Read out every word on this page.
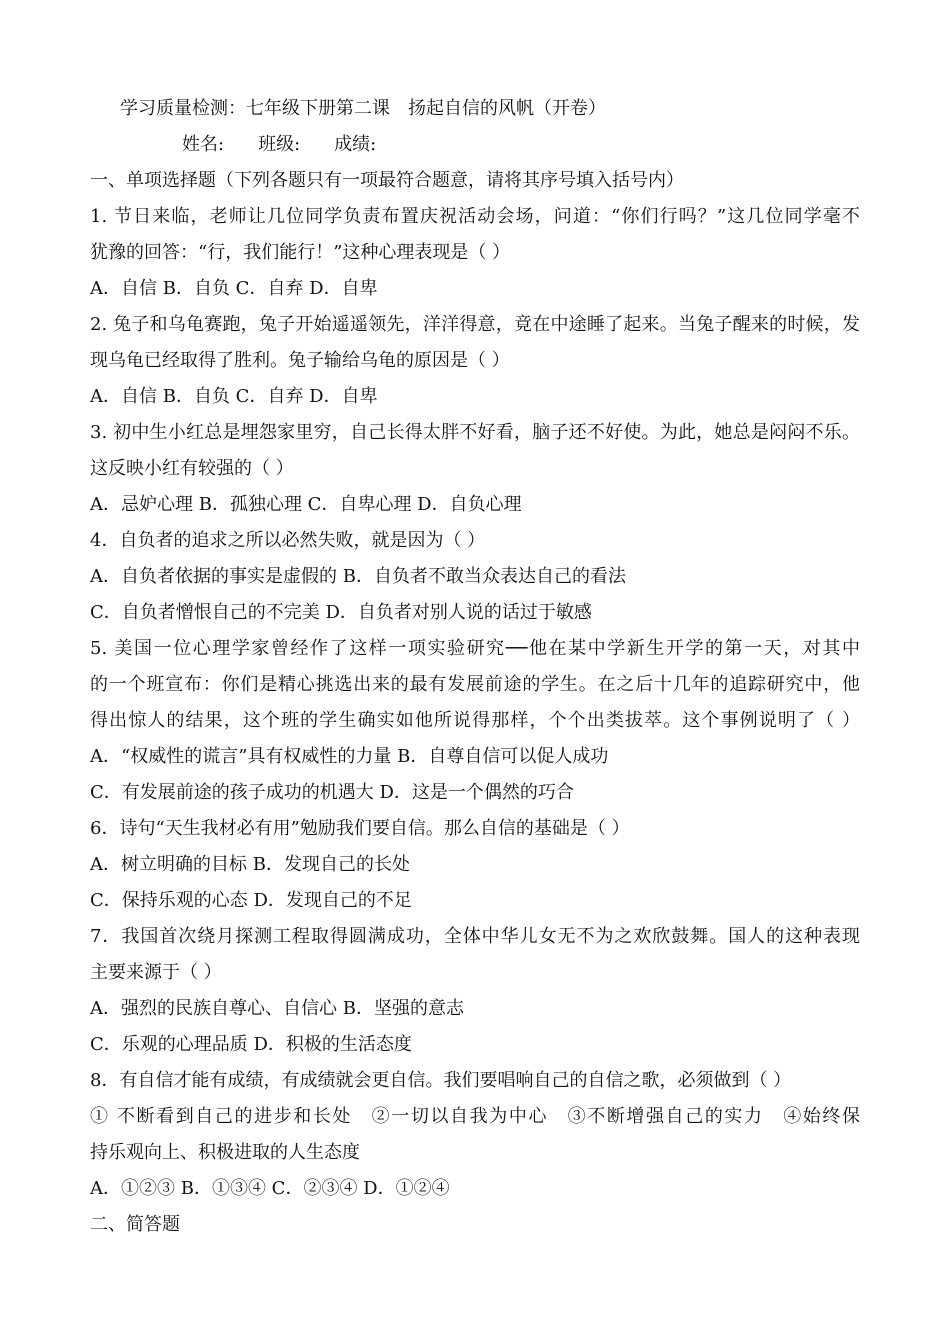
学习质量检测：七年级下册第二课　扬起自信的风帆（开卷）
姓名: 班级: 成绩:
一、单项选择题（下列各题只有一项最符合题意，请将其序号填入括号内）
1. 节日来临，老师让几位同学负责布置庆祝活动会场，问道：“你们行吗？”这几位同学毫不
犹豫的回答：“行，我们能行！”这种心理表现是（ ）
A．自信 B．自负 C．自弃 D．自卑
2. 兔子和乌龟赛跑，兔子开始遥遥领先，洋洋得意，竟在中途睡了起来。当兔子醒来的时候，发
现乌龟已经取得了胜利。兔子输给乌龟的原因是（ ）
A．自信 B．自负 C．自弃 D．自卑
3. 初中生小红总是埋怨家里穷，自己长得太胖不好看，脑子还不好使。为此，她总是闷闷不乐。
这反映小红有较强的（ ）
A．忌妒心理 B．孤独心理 C．自卑心理 D．自负心理
4．自负者的追求之所以必然失败，就是因为（ ）
A．自负者依据的事实是虚假的 B．自负者不敢当众表达自己的看法
C．自负者憎恨自己的不完美 D．自负者对别人说的话过于敏感
5. 美国一位心理学家曾经作了这样一项实验研究──他在某中学新生开学的第一天，对其中
的一个班宣布：你们是精心挑选出来的最有发展前途的学生。在之后十几年的追踪研究中，他
得出惊人的结果，这个班的学生确实如他所说得那样，个个出类拔萃。这个事例说明了（ ）
A．“权威性的谎言”具有权威性的力量 B．自尊自信可以促人成功
C．有发展前途的孩子成功的机遇大 D．这是一个偶然的巧合
6．诗句“天生我材必有用”勉励我们要自信。那么自信的基础是（ ）
A．树立明确的目标 B．发现自己的长处
C．保持乐观的心态 D．发现自己的不足
7．我国首次绕月探测工程取得圆满成功，全体中华儿女无不为之欢欣鼓舞。国人的这种表现
主要来源于（ ）
A．强烈的民族自尊心、自信心 B．坚强的意志
C．乐观的心理品质 D．积极的生活态度
8．有自信才能有成绩，有成绩就会更自信。我们要唱响自己的自信之歌，必须做到（ ）
① 不断看到自己的进步和长处　②一切以自我为中心　③不断增强自己的实力　④始终保
持乐观向上、积极进取的人生态度
A．①②③ B．①③④ C．②③④ D．①②④
二、简答题
